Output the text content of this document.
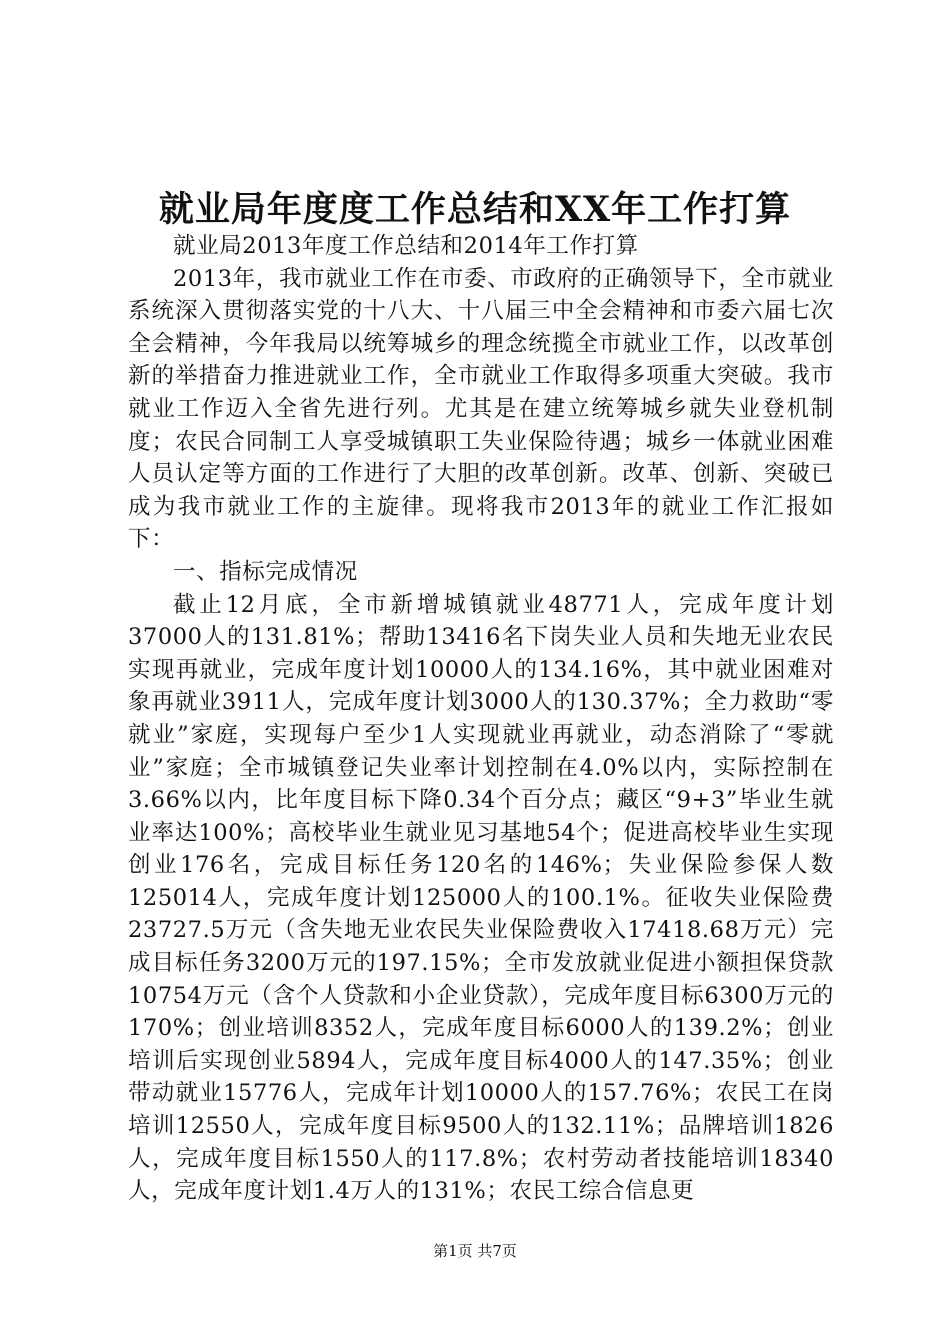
就业局年度度工作总结和XX年工作打算

就业局2013年度工作总结和2014年工作打算

2013年，我市就业工作在市委、市政府的正确领导下，全市就业系统深入贯彻落实党的十八大、十八届三中全会精神和市委六届七次全会精神，今年我局以统筹城乡的理念统揽全市就业工作，以改革创新的举措奋力推进就业工作，全市就业工作取得多项重大突破。我市就业工作迈入全省先进行列。尤其是在建立统筹城乡就失业登机制度；农民合同制工人享受城镇职工失业保险待遇；城乡一体就业困难人员认定等方面的工作进行了大胆的改革创新。改革、创新、突破已成为我市就业工作的主旋律。现将我市2013年的就业工作汇报如下：

一、指标完成情况

截止12月底，全市新增城镇就业48771人，完成年度计划37000人的131.81%；帮助13416名下岗失业人员和失地无业农民实现再就业，完成年度计划10000人的134.16%，其中就业困难对象再就业3911人，完成年度计划3000人的130.37%；全力救助“零就业”家庭，实现每户至少1人实现就业再就业，动态消除了“零就业”家庭；全市城镇登记失业率计划控制在4.0%以内，实际控制在3.66%以内，比年度目标下降0.34个百分点；藏区“9+3”毕业生就业率达100%；高校毕业生就业见习基地54个；促进高校毕业生实现创业176名，完成目标任务120名的146%；失业保险参保人数125014人，完成年度计划125000人的100.1%。征收失业保险费23727.5万元（含失地无业农民失业保险费收入17418.68万元）完成目标任务3200万元的197.15%；全市发放就业促进小额担保贷款10754万元（含个人贷款和小企业贷款），完成年度目标6300万元的170%；创业培训8352人，完成年度目标6000人的139.2%；创业培训后实现创业5894人，完成年度目标4000人的147.35%；创业带动就业15776人，完成年计划10000人的157.76%；农民工在岗培训12550人，完成年度目标9500人的132.11%；品牌培训1826人，完成年度目标1550人的117.8%；农村劳动者技能培训18340人，完成年度计划1.4万人的131%；农民工综合信息更

第1页 共7页
